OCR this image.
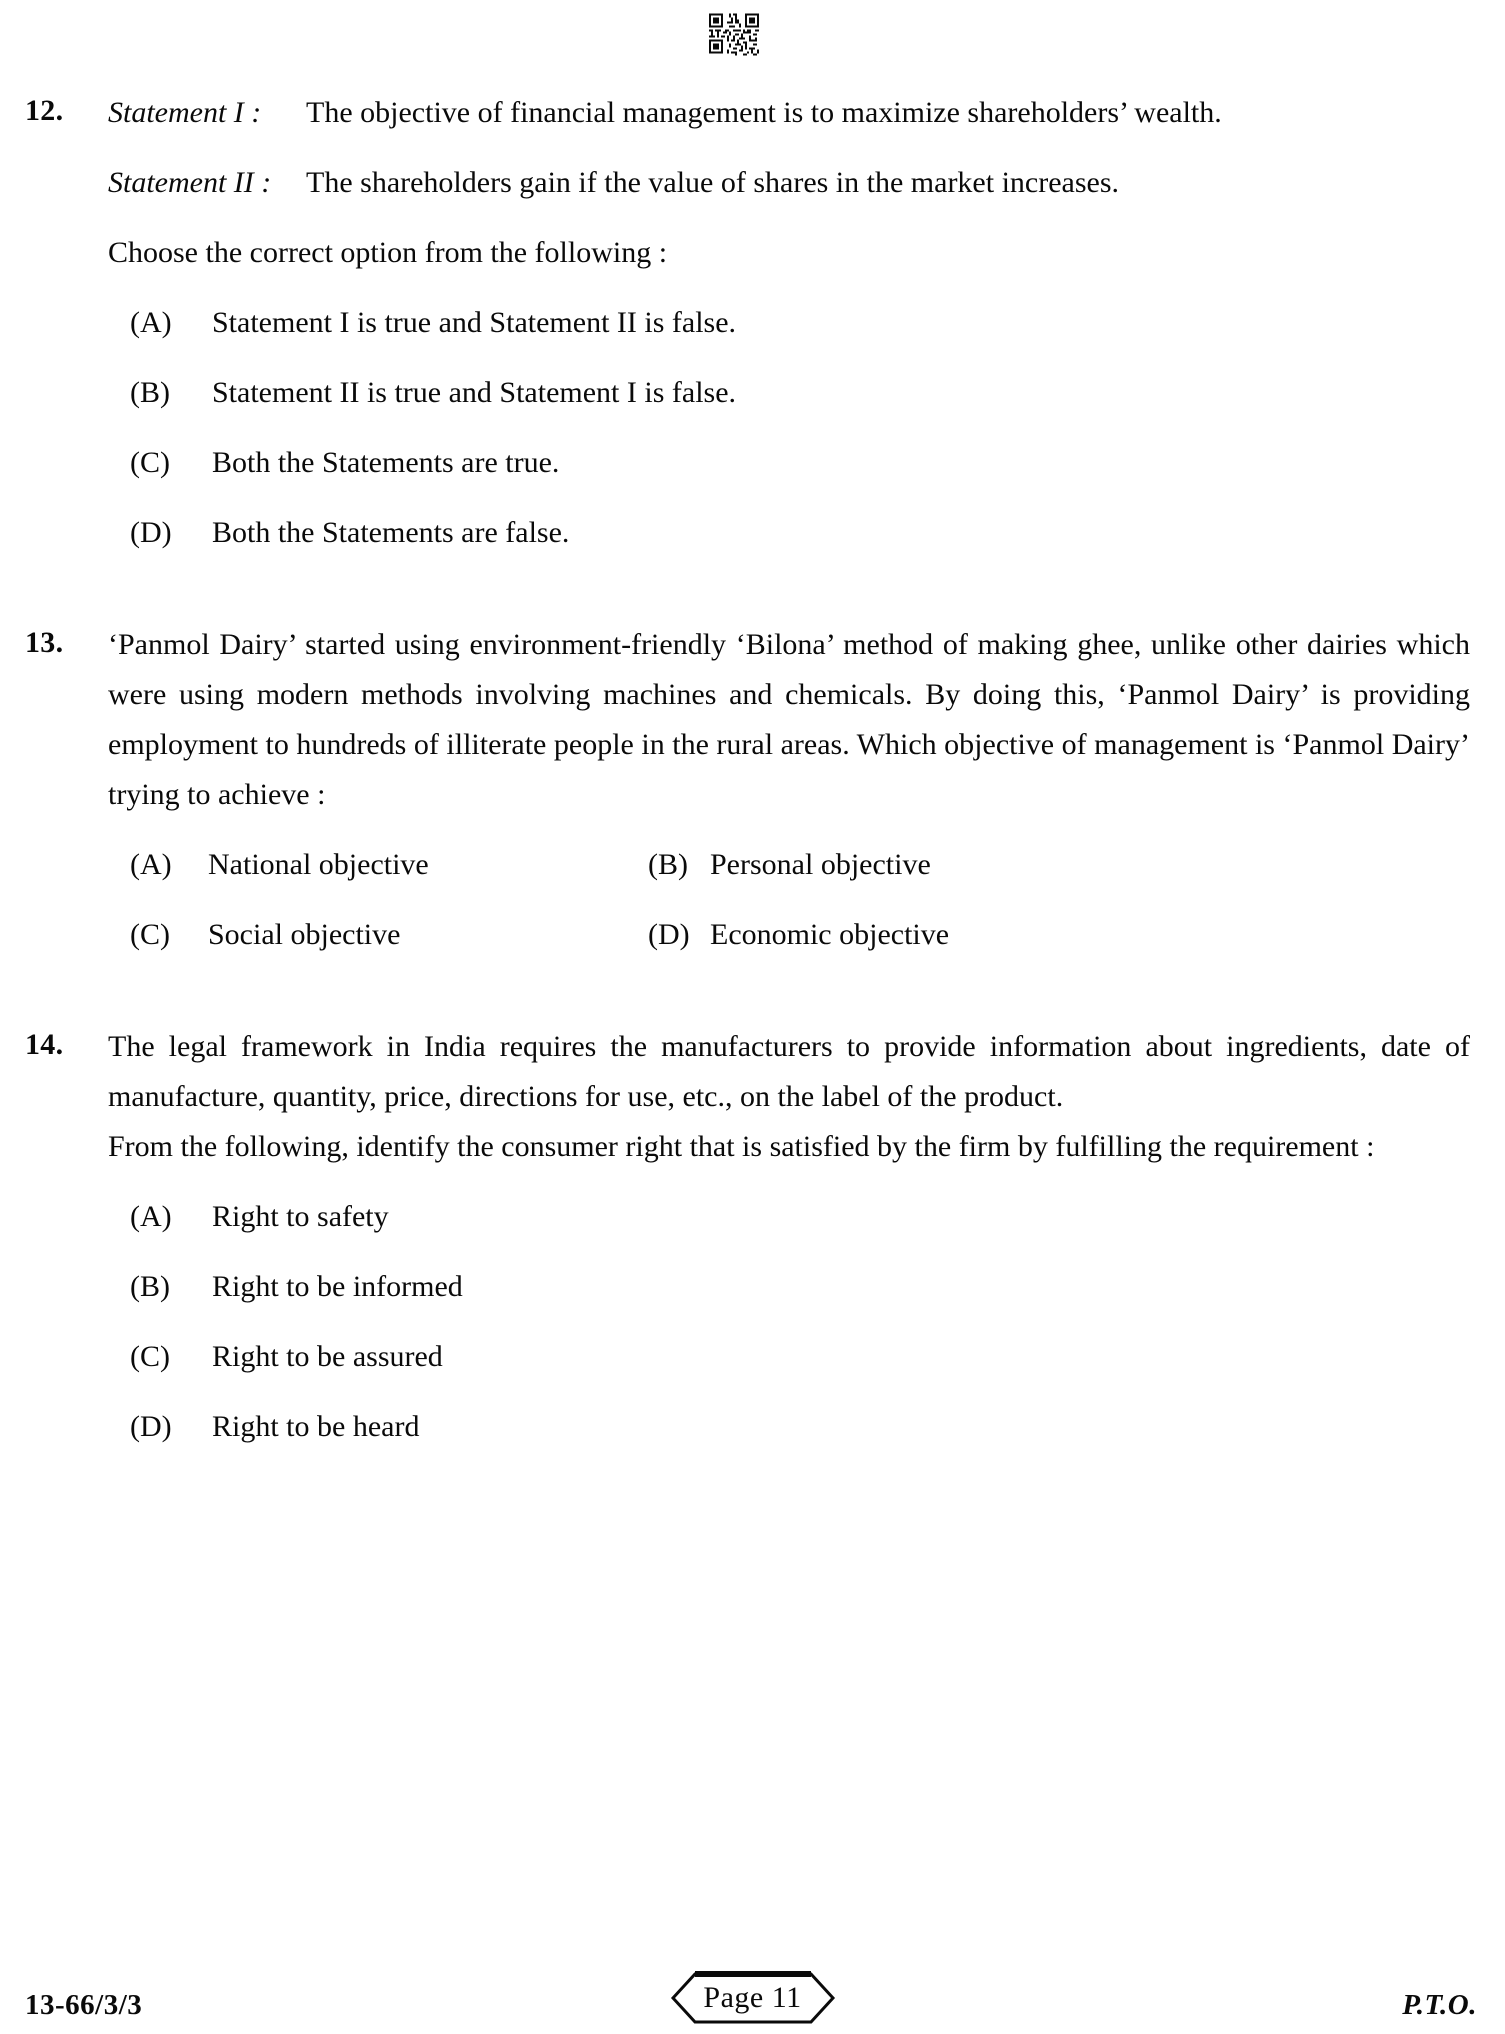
12.	Statement I : The objective of financial management is to maximize shareholders’ wealth.
Statement II : The shareholders gain if the value of shares in the market increases.
Choose the correct option from the following :
(A)	Statement I is true and Statement II is false.
(B)	Statement II is true and Statement I is false.
(C)	Both the Statements are true.
(D)	Both the Statements are false.
13.	‘Panmol Dairy’ started using environment-friendly ‘Bilona’ method of making ghee, unlike other dairies which were using modern methods involving machines and chemicals. By doing this, ‘Panmol Dairy’ is providing employment to hundreds of illiterate people in the rural areas. Which objective of management is ‘Panmol Dairy’ trying to achieve :

(A) National objective	(B) Personal objective
(C) Social objective	(D) Economic objective
14.	The legal framework in India requires the manufacturers to provide information about ingredients, date of manufacture, quantity, price, directions for use, etc., on the label of the product.

From the following, identify the consumer right that is satisfied by the firm by fulfilling the requirement :

(A)	Right to safety
(B)	Right to be informed
(C)	Right to be assured
(D)	Right to be heard
13-66/3/3	Page 11	P.T.O.
